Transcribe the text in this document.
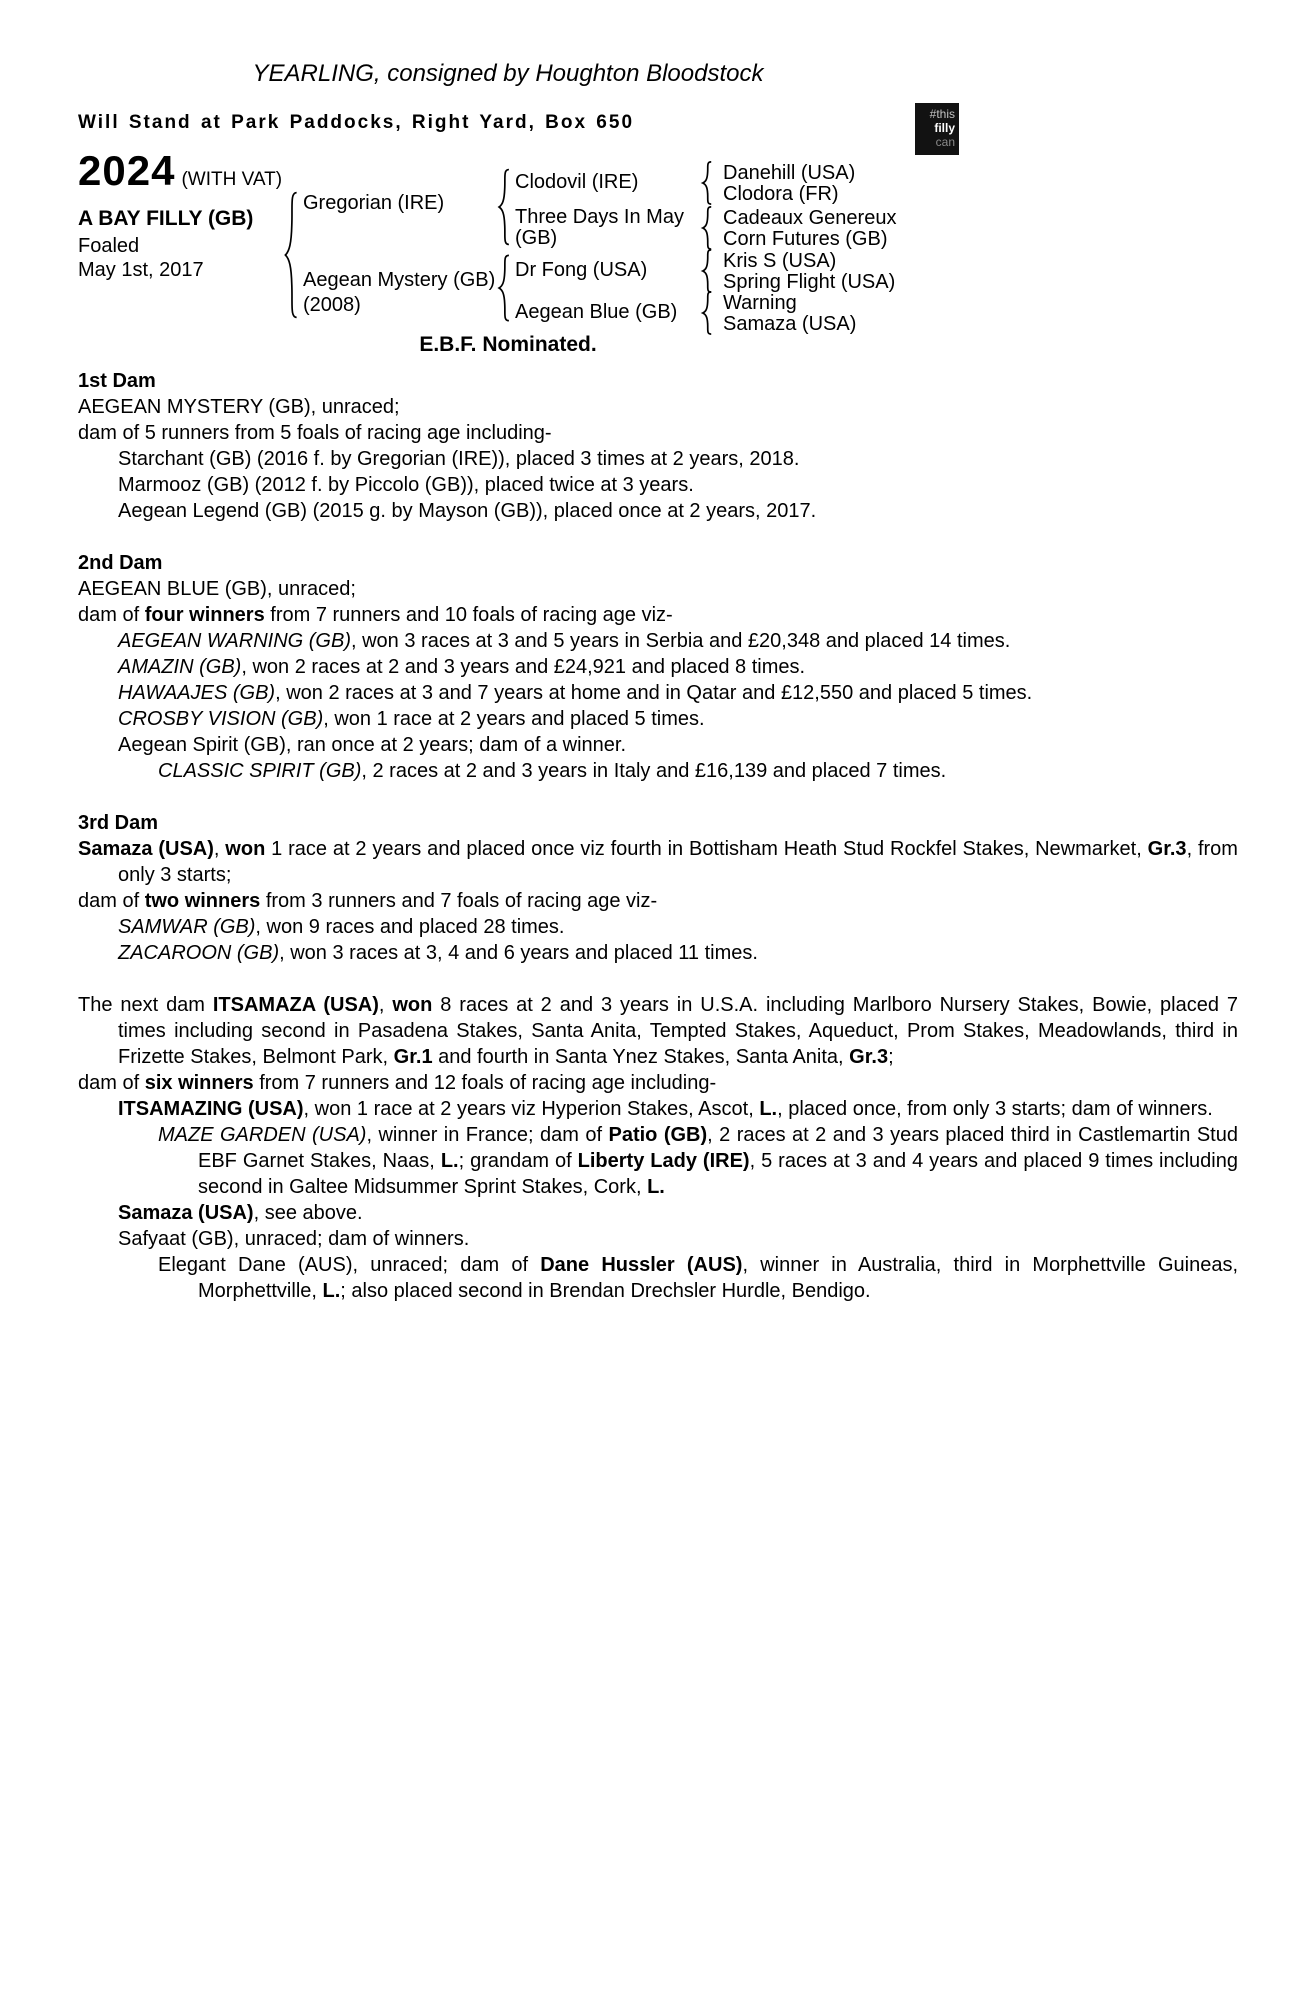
YEARLING, consigned by Houghton Bloodstock
Will Stand at Park Paddocks, Right Yard, Box 650	#this
filly
can
2024 (WITH VAT)
A BAY FILLY (GB)
Foaled
May 1st, 2017
Gregorian (IRE)
Aegean Mystery (GB)
(2008)
Clodovil (IRE)
Three Days In May (GB)
Dr Fong (USA)
Aegean Blue (GB)
Danehill (USA)
Clodora (FR)
Cadeaux Genereux
Corn Futures (GB)
Kris S (USA)
Spring Flight (USA)
Warning
Samaza (USA)
E.B.F. Nominated.
1st Dam

AEGEAN MYSTERY (GB), unraced;

dam of 5 runners from 5 foals of racing age including-

Starchant (GB) (2016 f. by Gregorian (IRE)), placed 3 times at 2 years, 2018.

Marmooz (GB) (2012 f. by Piccolo (GB)), placed twice at 3 years.

Aegean Legend (GB) (2015 g. by Mayson (GB)), placed once at 2 years, 2017.

2nd Dam

AEGEAN BLUE (GB), unraced;

dam of four winners from 7 runners and 10 foals of racing age viz-

AEGEAN WARNING (GB), won 3 races at 3 and 5 years in Serbia and £20,348 and placed 14 times.

AMAZIN (GB), won 2 races at 2 and 3 years and £24,921 and placed 8 times.

HAWAAJES (GB), won 2 races at 3 and 7 years at home and in Qatar and £12,550 and placed 5 times.

CROSBY VISION (GB), won 1 race at 2 years and placed 5 times.

Aegean Spirit (GB), ran once at 2 years; dam of a winner.

CLASSIC SPIRIT (GB), 2 races at 2 and 3 years in Italy and £16,139 and placed 7 times.

3rd Dam

Samaza (USA), won 1 race at 2 years and placed once viz fourth in Bottisham Heath Stud Rockfel Stakes, Newmarket, Gr.3, from only 3 starts;

dam of two winners from 3 runners and 7 foals of racing age viz-

SAMWAR (GB), won 9 races and placed 28 times.

ZACAROON (GB), won 3 races at 3, 4 and 6 years and placed 11 times.

The next dam ITSAMAZA (USA), won 8 races at 2 and 3 years in U.S.A. including Marlboro Nursery Stakes, Bowie, placed 7 times including second in Pasadena Stakes, Santa Anita, Tempted Stakes, Aqueduct, Prom Stakes, Meadowlands, third in Frizette Stakes, Belmont Park, Gr.1 and fourth in Santa Ynez Stakes, Santa Anita, Gr.3;

dam of six winners from 7 runners and 12 foals of racing age including-

ITSAMAZING (USA), won 1 race at 2 years viz Hyperion Stakes, Ascot, L., placed once, from only 3 starts; dam of winners.

MAZE GARDEN (USA), winner in France; dam of Patio (GB), 2 races at 2 and 3 years placed third in Castlemartin Stud EBF Garnet Stakes, Naas, L.; grandam of Liberty Lady (IRE), 5 races at 3 and 4 years and placed 9 times including second in Galtee Midsummer Sprint Stakes, Cork, L.

Samaza (USA), see above.

Safyaat (GB), unraced; dam of winners.

Elegant Dane (AUS), unraced; dam of Dane Hussler (AUS), winner in Australia, third in Morphettville Guineas, Morphettville, L.; also placed second in Brendan Drechsler Hurdle, Bendigo.
